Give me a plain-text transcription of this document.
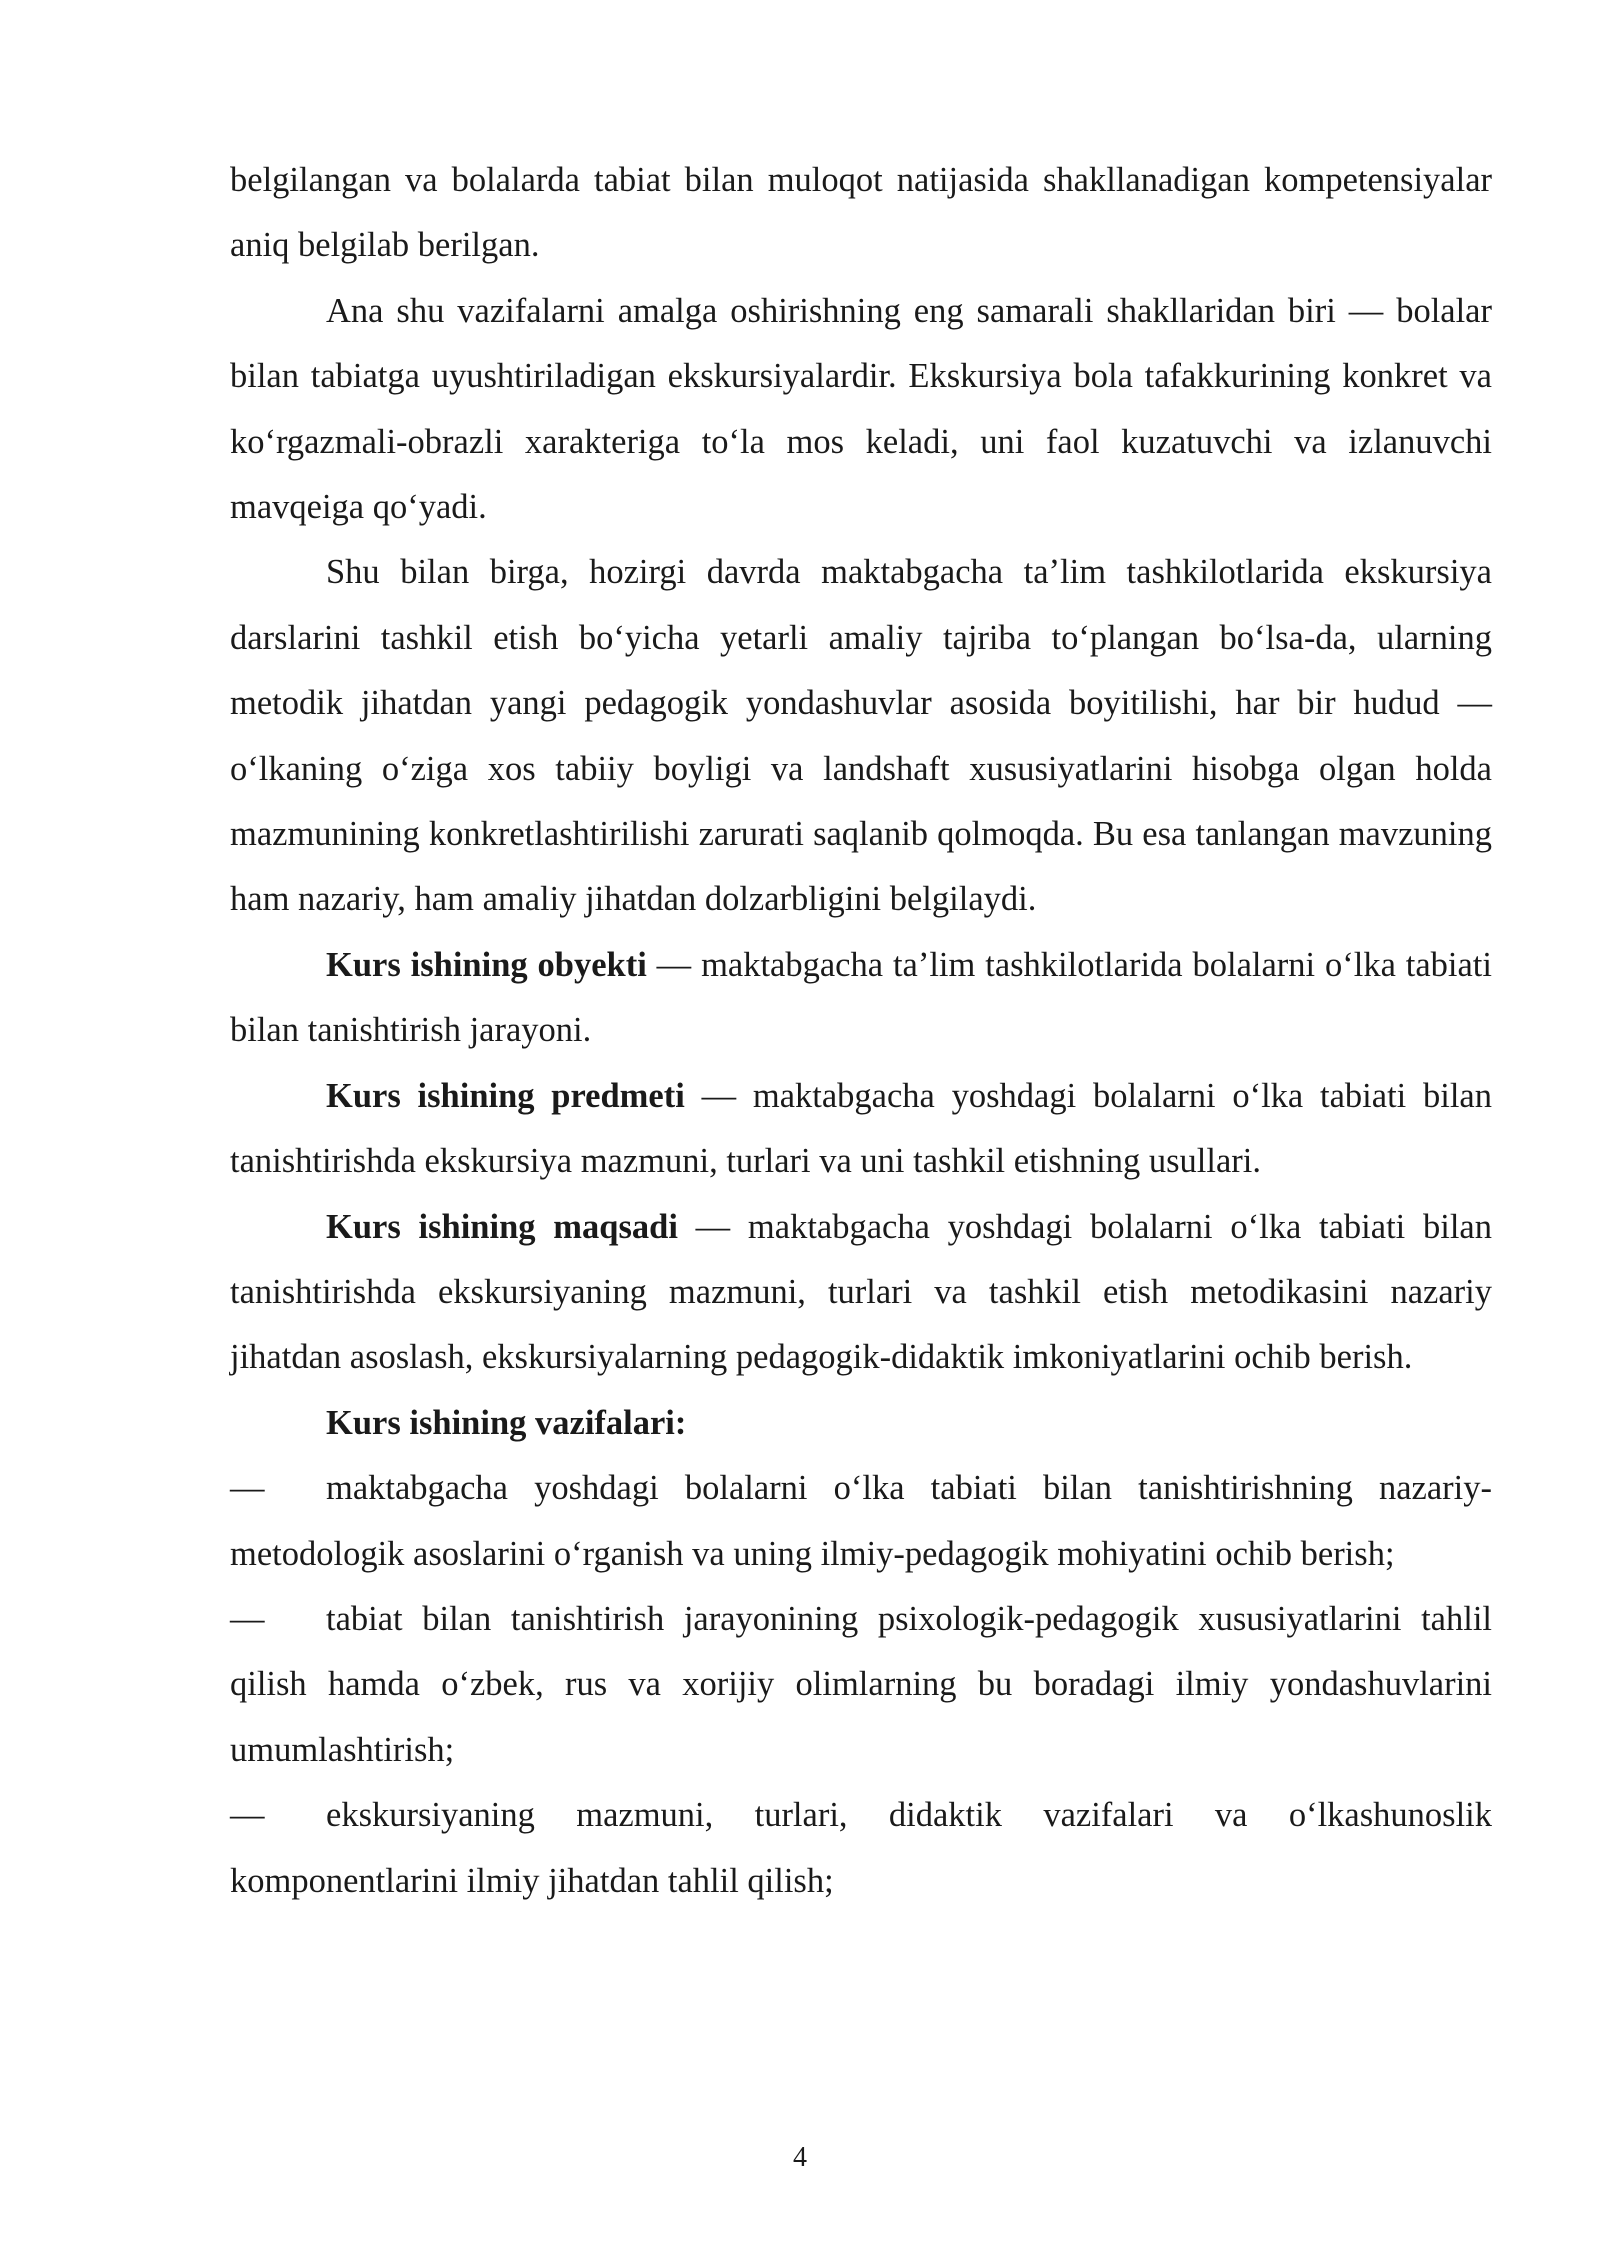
belgilangan va bolalarda tabiat bilan muloqot natijasida shakllanadigan kompetensiyalar aniq belgilab berilgan.

Ana shu vazifalarni amalga oshirishning eng samarali shakllaridan biri — bolalar bilan tabiatga uyushtiriladigan ekskursiyalardir. Ekskursiya bola tafakkurining konkret va koʻrgazmali-obrazli xarakteriga toʻla mos keladi, uni faol kuzatuvchi va izlanuvchi mavqeiga qoʻyadi.

Shu bilan birga, hozirgi davrda maktabgacha taʼlim tashkilotlarida ekskursiya darslarini tashkil etish boʻyicha yetarli amaliy tajriba toʻplangan boʻlsa-da, ularning metodik jihatdan yangi pedagogik yondashuvlar asosida boyitilishi, har bir hudud — oʻlkaning oʻziga xos tabiiy boyligi va landshaft xususiyatlarini hisobga olgan holda mazmunining konkretlashtirilishi zarurati saqlanib qolmoqda. Bu esa tanlangan mavzuning ham nazariy, ham amaliy jihatdan dolzarbligini belgilaydi.

Kurs ishining obyekti — maktabgacha taʼlim tashkilotlarida bolalarni oʻlka tabiati bilan tanishtirish jarayoni.

Kurs ishining predmeti — maktabgacha yoshdagi bolalarni oʻlka tabiati bilan tanishtirishda ekskursiya mazmuni, turlari va uni tashkil etishning usullari.

Kurs ishining maqsadi — maktabgacha yoshdagi bolalarni oʻlka tabiati bilan tanishtirishda ekskursiyaning mazmuni, turlari va tashkil etish metodikasini nazariy jihatdan asoslash, ekskursiyalarning pedagogik-didaktik imkoniyatlarini ochib berish.

Kurs ishining vazifalari:

— maktabgacha yoshdagi bolalarni oʻlka tabiati bilan tanishtirishning nazariy-metodologik asoslarini oʻrganish va uning ilmiy-pedagogik mohiyatini ochib berish;

— tabiat bilan tanishtirish jarayonining psixologik-pedagogik xususiyatlarini tahlil qilish hamda oʻzbek, rus va xorijiy olimlarning bu boradagi ilmiy yondashuvlarini umumlashtirish;

— ekskursiyaning mazmuni, turlari, didaktik vazifalari va oʻlkashunoslik komponentlarini ilmiy jihatdan tahlil qilish;

4
